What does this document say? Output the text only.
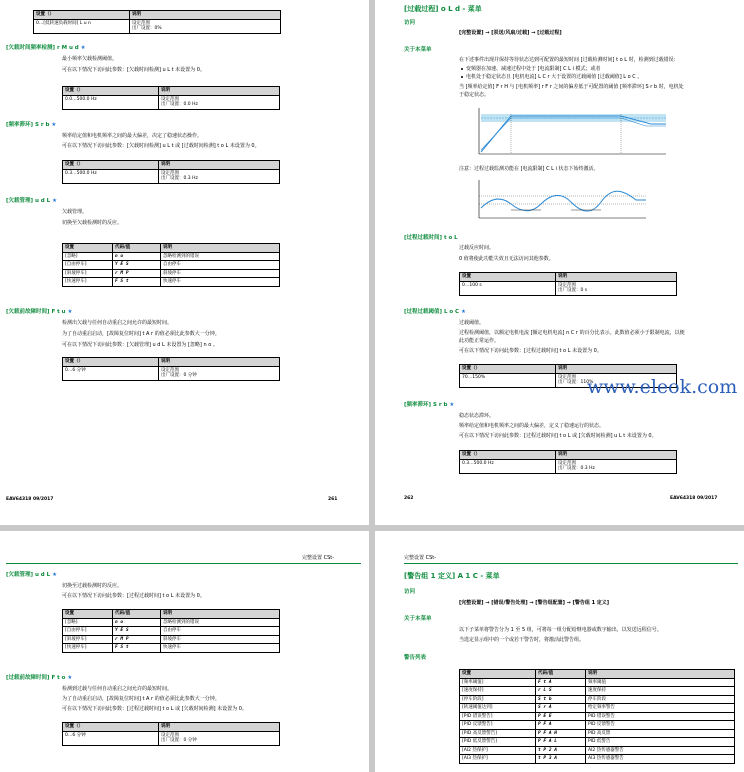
设置（）	说明
0…[低转速负载时间] L u n	设定范围
出厂设置：0%
[欠载时间频率检测] r M u d ★
最小频率欠载检测阈值。
可在以下情况下访问此参数：[欠载时间检测] u L t 未设置为 0。
设置（）	说明
0.0…500.0 Hz	设定范围
出厂设置：0.0 Hz
[频率滞环] S r b ★
频率给定值和电机频率之间的最大偏差，决定了稳速状态操作。
可在以下情况下访问此参数：[欠载时间检测] u L t 或 [过载时间检测] t o L 未设置为 0。
设置（）	说明
0.3…500.0 Hz	设定范围
出厂设置：0.3 Hz
[欠载管理] u d L ★
欠载管理。
切换至欠载检测时的反应。
设置	代码/值	说明
[忽略]	n o	忽略检测到的错误
[自由停车]	Y E S	自由停车
[斜坡停车]	r M P	斜坡停车
[快速停车]	F S t	快速停车
[欠载前故障时间] F t u ★
检测出欠载与任何自动重启之间允许的最短时间。
为了自动重启启动，[故障复位时间] t A r 的值必须比此参数大一分钟。
可在以下情况下访问此参数：[欠载管理] u d L 未设置为 [忽略] n o 。
设置（）	说明
0…6 分钟	设定范围
出厂设置：0 分钟
EAV64318 09/2017	261
[过载过程] o L d - 菜单
访问
[完整设置] → [泵送/风扇/过载] → [过载过程]
关于本菜单
在下述事件出现并保持等待状态达到可配置的最短时间 [过载检测时间] t o L 时，检测到过载错误：
变频器在加速、减速过程中处于 [电流限制] C L i 模式；或者
电机处于稳定状态且 [电机电流] L C r 大于设置的过载阈值 [过载阈值] L o C 。
当 [频率给定值] F r H 与 [电机频率] r F r 之间的偏差低于可配置的阈值 [频率滞环] S r b 时，电机处
于稳定状态。
注意：过程过载监测功能在 [电流限制] C L i 状态下始终激活。
[过程过载时间] t o L
过载反应时间。
0 值将使此功能失效且无法访问其他参数。
设置	说明
0…100 s	设定范围
出厂设置：0 s
[过程过载阈值] L o C ★
过载阈值。
过程检测阈值，以额定电机电流 [额定电机电流] n C r 的百分比表示。此数值必须小于限制电流，以便
此功能正常运作。
可在以下情况下访问此参数：[过程过载时间] t o L 未设置为 0。
设置（）	说明
70…150%	设定范围
出厂设置：110%
www.eleok.com
[频率滞环] S r b ★
稳态状态滞环。
频率给定值和电机频率之间的最大偏差，定义了稳速运行的状态。
可在以下情况下访问此参数：[过程过载时间] t o L 或 [欠载时间检测] u L t 未设置为 0。
设置（）	说明
0.3…500.0 Hz	设定范围
出厂设置：0.3 Hz
262	EAV64318 09/2017
完整设置 CSt-
[欠载管理] u d L ★
切换至过载检测时的反应。
可在以下情况下访问此参数：[过程过载时间] t o L 未设置为 0。
设置	代码/值	说明
[忽略]	n o	忽略检测到的错误
[自由停车]	Y E S	自由停车
[斜坡停车]	r M P	斜坡停车
[快速停车]	F S t	快速停车
[过载前故障时间] F t o ★
检测到过载与任何自动重启之间允许的最短时间。
为了自动重启启动，[故障复位时间] t A r 的值必须比此参数大一分钟。
可在以下情况下访问此参数：[过程过载时间] t o L 或 [欠载时间检测] 未设置为 0。
设置（）	说明
0…6 分钟	设定范围
出厂设置：0 分钟
完整设置 CSt-
[警告组 1 定义] A 1 C - 菜单
访问
[完整设置] → [错误/警告处理] → [警告组配置] → [警告组 1 定义]
关于本菜单
以下子菜单将警告分为 1 至 5 组，可将每一组分配给继电器或数字输出，以发送远程信号。
当选定显示组中的一个或若干警告时，将激活此警告组。
警告列表
设置	代码/值	说明
[频率阈值]	F t A	频率阈值
[速度保持]	r L S	速度保持
[停车阶段]	S t b	停车阶段
[转速阈值达到]	S r A	给定频率警告
[PID 错误警告]	P E E	PID 错误警告
[PID 反馈警告]	P F A	PID 反馈警告
[PID 高反馈警告]	P F A H	PID 高反馈
[PID 低反馈警告]	P F A L	PID 低警告
[AI2 热保护]	t P 2 A	AI2 热传感器警告
[AI3 热保护]	t P 3 A	AI3 热传感器警告
